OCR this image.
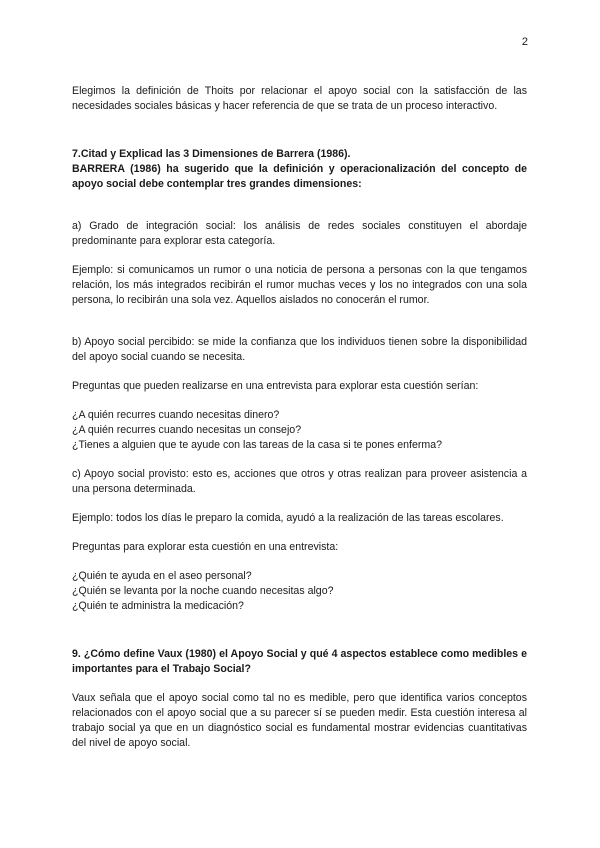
2

Elegimos la definición de Thoits por relacionar el apoyo social con la satisfacción de las necesidades sociales básicas y hacer referencia de que se trata de un proceso interactivo.

7.Citad y Explicad las 3 Dimensiones de Barrera (1986).

BARRERA (1986) ha sugerido que la definición y operacionalización del concepto de apoyo social debe contemplar tres grandes dimensiones:

a) Grado de integración social: los análisis de redes sociales constituyen el abordaje predominante para explorar esta categoría.

Ejemplo: si comunicamos un rumor o una noticia de persona a personas con la que tengamos relación, los más integrados recibirán el rumor muchas veces y los no integrados con una sola persona, lo recibirán una sola vez. Aquellos aislados no conocerán el rumor.

b) Apoyo social percibido: se mide la confianza que los individuos tienen sobre la disponibilidad del apoyo social cuando se necesita.

Preguntas que pueden realizarse en una entrevista para explorar esta cuestión serían:

¿A quién recurres cuando necesitas dinero?

¿A quién recurres cuando necesitas un consejo?

¿Tienes a alguien que te ayude con las tareas de la casa si te pones enferma?

c) Apoyo social provisto: esto es, acciones que otros y otras realizan para proveer asistencia a una persona determinada.

Ejemplo: todos los días le preparo la comida, ayudó a la realización de las tareas escolares.

Preguntas para explorar esta cuestión en una entrevista:

¿Quién te ayuda en el aseo personal?

¿Quién se levanta por la noche cuando necesitas algo?

¿Quién te administra la medicación?

9. ¿Cómo define Vaux (1980) el Apoyo Social y qué 4 aspectos establece como medibles e importantes para el Trabajo Social?

Vaux señala que el apoyo social como tal no es medible, pero que identifica varios conceptos relacionados con el apoyo social que a su parecer sí se pueden medir. Esta cuestión interesa al trabajo social ya que en un diagnóstico social es fundamental mostrar evidencias cuantitativas del nivel de apoyo social.
